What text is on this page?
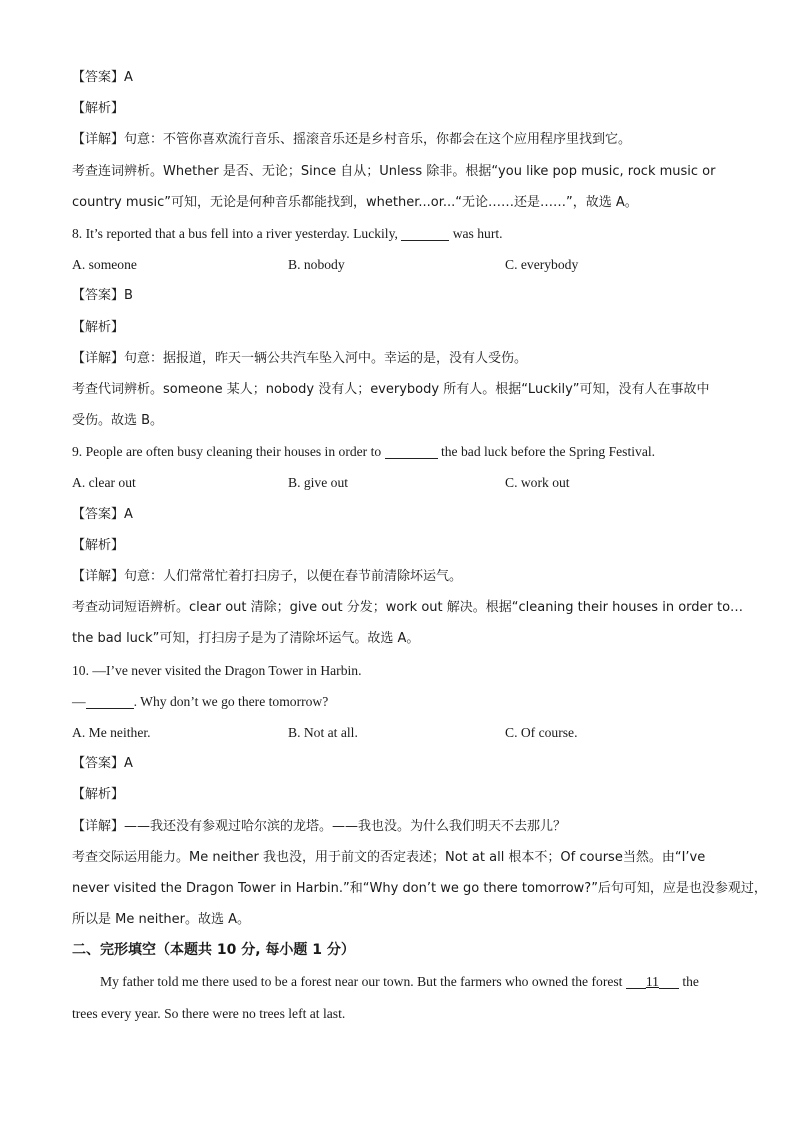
【答案】A
【解析】
【详解】句意：不管你喜欢流行音乐、摇滚音乐还是乡村音乐，你都会在这个应用程序里找到它。
考查连词辨析。Whether 是否、无论；Since 自从；Unless 除非。根据“you like pop music, rock music or
country music”可知，无论是何种音乐都能找到，whether...or...“无论……还是……”，故选 A。
8. It’s reported that a bus fell into a river yesterday. Luckily,	was hurt.
A. someone	B. nobody	C. everybody
【答案】B
【解析】
【详解】句意：据报道，昨天一辆公共汽车坠入河中。幸运的是，没有人受伤。
考查代词辨析。someone 某人；nobody 没有人；everybody 所有人。根据“Luckily”可知，没有人在事故中
受伤。故选 B。
9. People are often busy cleaning their houses in order to	the bad luck before the Spring Festival.
A. clear out	B. give out	C. work out
【答案】A
【解析】
【详解】句意：人们常常忙着打扫房子，以便在春节前清除坏运气。
考查动词短语辨析。clear out 清除；give out 分发；work out 解决。根据“cleaning their houses in order to…
the bad luck”可知，打扫房子是为了清除坏运气。故选 A。
10. —I’ve never visited the Dragon Tower in Harbin.
—	. Why don’t we go there tomorrow?
A. Me neither.	B. Not at all.	C. Of course.
【答案】A
【解析】
【详解】——我还没有参观过哈尔滨的龙塔。——我也没。为什么我们明天不去那儿？
考查交际运用能力。Me neither 我也没，用于前文的否定表述；Not at all 根本不；Of course当然。由“I’ve
never visited the Dragon Tower in Harbin.”和“Why don’t we go there tomorrow?”后句可知，应是也没参观过，
所以是 Me neither。故选 A。
二、完形填空（本题共 10 分, 每小题 1 分）
My father told me there used to be a forest near our town. But the farmers who owned the forest 11 the
trees every year. So there were no trees left at last.
